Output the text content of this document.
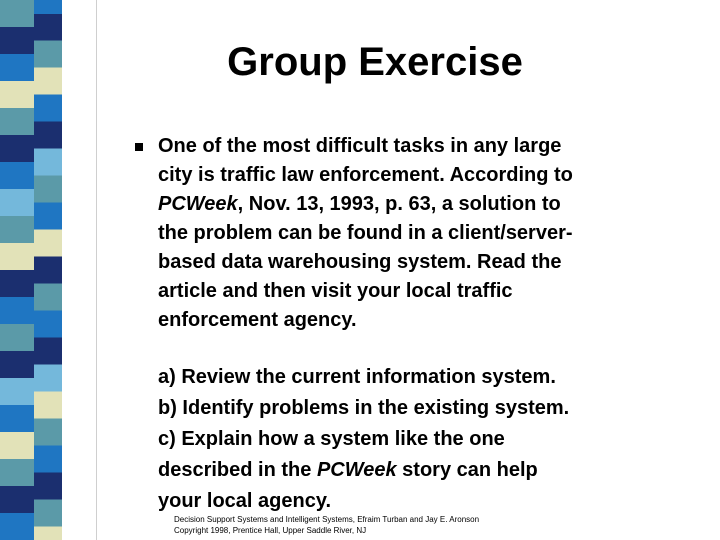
Group Exercise
One of the most difficult tasks in any large
city is traffic law enforcement. According to
PCWeek, Nov. 13, 1993, p. 63, a solution to
the problem can be found in a client/server-
based data warehousing system. Read the
article and then visit your local traffic
enforcement agency.
a) Review the current information system.
b) Identify problems in the existing system.
c) Explain how a system like the one
described in the PCWeek story can help
your local agency.
Decision Support Systems and Intelligent Systems, Efraim Turban and Jay E. Aronson
Copyright 1998, Prentice Hall, Upper Saddle River, NJ
